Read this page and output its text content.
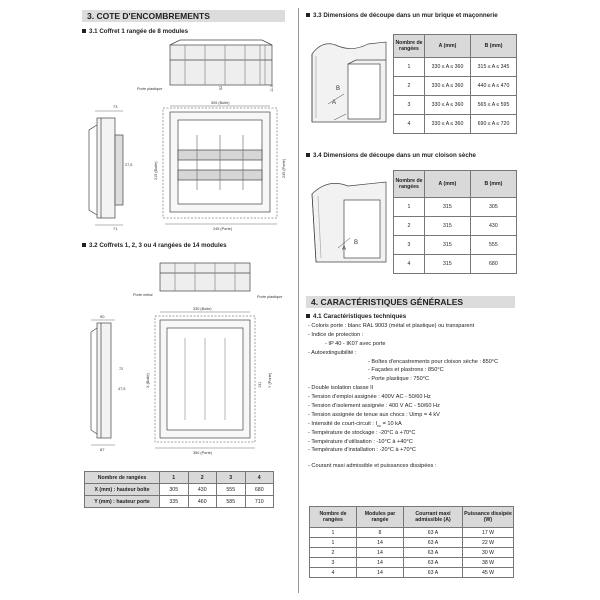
3. COTE D'ENCOMBREMENTS
3.1 Coffret 1 rangée de 8 modules
Porte plastique	52	11,5
73
71
27,5
305 (Boite)
245 (Porte)
215 (Boite)	235 (Porte)
3.2 Coffrets 1, 2, 3 ou 4 rangées de 14 modules
Porte métal	Porte plastique
90
72
47,5
87
330 (Boite)
350 (Porte)
X (Boite)	131 Y (Porte)
Nombre de rangées	1	2	3	4
X (mm) : hauteur boîte	305	430	555	680
Y (mm) : hauteur porte	335	460	585	710
3.3 Dimensions de découpe dans un mur brique et maçonnerie
A
B
Nombre de rangées	A (mm)	B (mm)
1	330 ≤ A ≤ 360	315 ≤ A ≤ 345
2	330 ≤ A ≤ 360	440 ≤ A ≤ 470
3	330 ≤ A ≤ 360	565 ≤ A ≤ 595
4	330 ≤ A ≤ 360	690 ≤ A ≤ 720
3.4 Dimensions de découpe dans un mur cloison sèche
A
B
Nombre de rangées	A (mm)	B (mm)
1	315	305
2	315	430
3	315	555
4	315	680
4. CARACTÉRISTIQUES GÉNÉRALES
4.1 Caractéristiques techniques
- Coloris porte : blanc RAL 9003 (métal et plastique) ou transparent
- Indice de protection :
- IP 40 - IK07 avec porte
- Autoextinguibilité :
- Boîtes d'encastrements pour cloison sèche : 850°C
- Façades et plastrons : 850°C
- Porte plastique : 750°C
- Double isolation classe II
- Tension d'emploi assignée : 400V AC - 50/60 Hz
- Tension d'isolement assignée : 400 V AC - 50/60 Hz
- Tension assignée de tenue aux chocs : Uimp = 4 kV
- Intensité de court-circuit : $I_{cc} = 10$ kA
- Température de stockage : -20°C à +70°C
- Température d'utilisation : -10°C à +40°C
- Température d'installation : -20°C à +70°C
- Courant maxi admissible et puissances dissipées :
Nombre de rangées	Modules par rangée	Courrant maxi admissible (A)	Puissance dissipée (W)
1	8	63 A	17 W
1	14	63 A	22 W
2	14	63 A	30 W
3	14	63 A	38 W
4	14	63 A	45 W
